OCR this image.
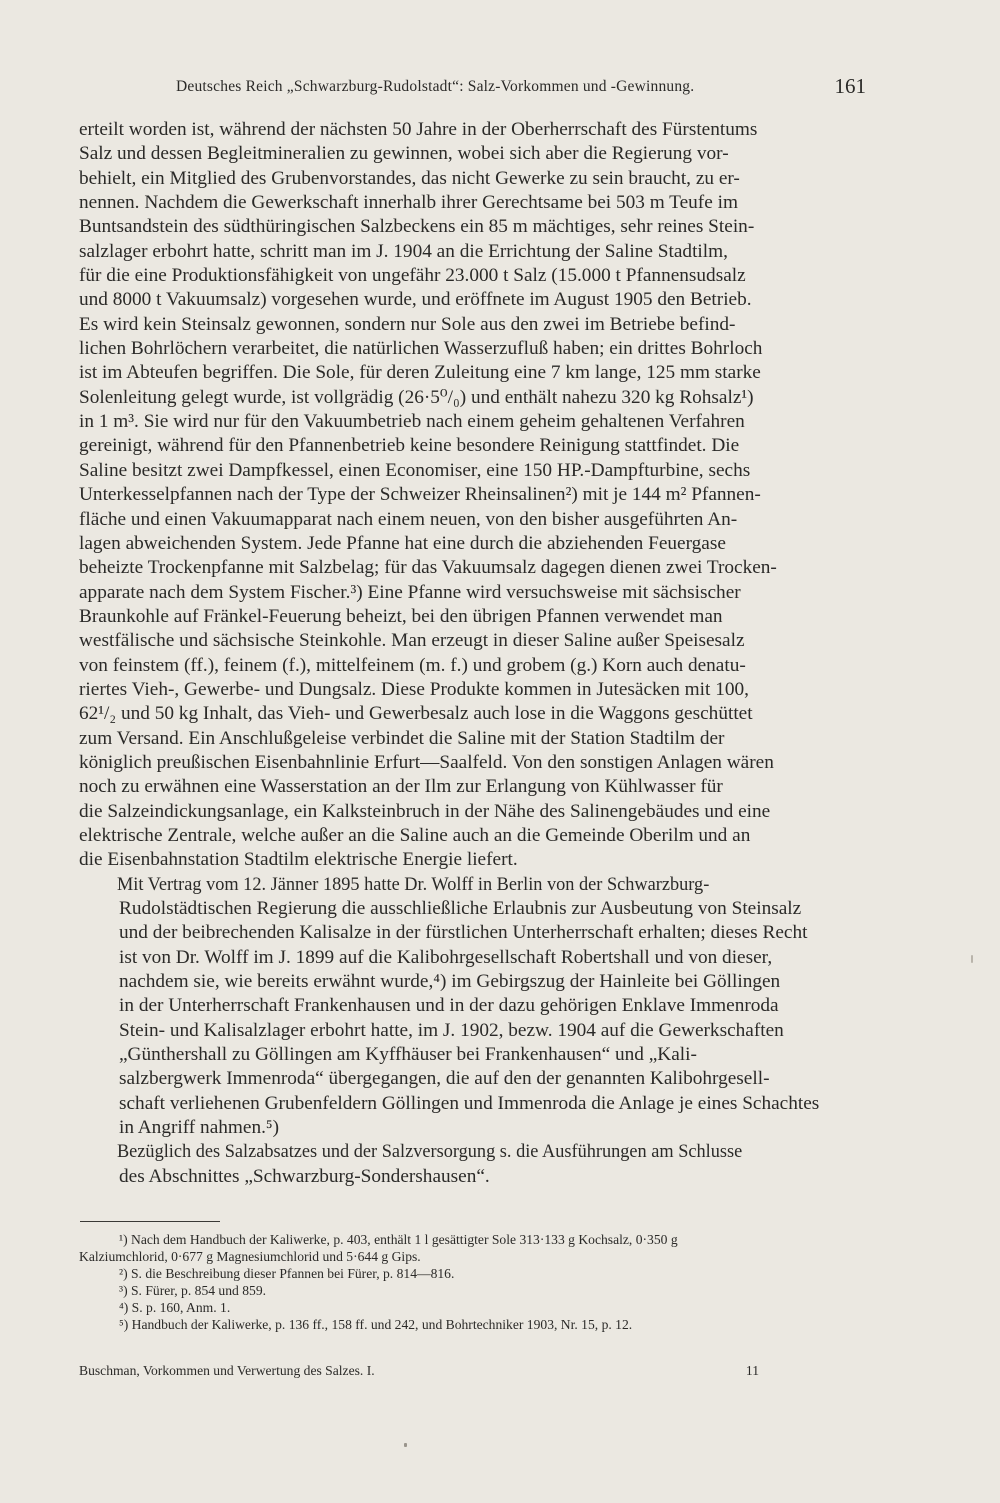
Deutsches Reich „Schwarzburg-Rudolstadt“: Salz-Vorkommen und -Gewinnung.	161
erteilt worden ist, während der nächsten 50 Jahre in der Oberherrschaft des Fürstentums
Salz und dessen Begleitmineralien zu gewinnen, wobei sich aber die Regierung vor-
behielt, ein Mitglied des Grubenvorstandes, das nicht Gewerke zu sein braucht, zu er-
nennen. Nachdem die Gewerkschaft innerhalb ihrer Gerechtsame bei 503 m Teufe im
Buntsandstein des südthüringischen Salzbeckens ein 85 m mächtiges, sehr reines Stein-
salzlager erbohrt hatte, schritt man im J. 1904 an die Errichtung der Saline Stadtilm,
für die eine Produktionsfähigkeit von ungefähr 23.000 t Salz (15.000 t Pfannensudsalz
und 8000 t Vakuumsalz) vorgesehen wurde, und eröffnete im August 1905 den Betrieb.
Es wird kein Steinsalz gewonnen, sondern nur Sole aus den zwei im Betriebe befind-
lichen Bohrlöchern verarbeitet, die natürlichen Wasserzufluß haben; ein drittes Bohrloch
ist im Abteufen begriffen. Die Sole, für deren Zuleitung eine 7 km lange, 125 mm starke
Solenleitung gelegt wurde, ist vollgrädig (26·5⁰/₀) und enthält nahezu 320 kg Rohsalz¹)
in 1 m³. Sie wird nur für den Vakuumbetrieb nach einem geheim gehaltenen Verfahren
gereinigt, während für den Pfannenbetrieb keine besondere Reinigung stattfindet. Die
Saline besitzt zwei Dampfkessel, einen Economiser, eine 150 HP.-Dampfturbine, sechs
Unterkesselpfannen nach der Type der Schweizer Rheinsalinen²) mit je 144 m² Pfannen-
fläche und einen Vakuumapparat nach einem neuen, von den bisher ausgeführten An-
lagen abweichenden System. Jede Pfanne hat eine durch die abziehenden Feuergase
beheizte Trockenpfanne mit Salzbelag; für das Vakuumsalz dagegen dienen zwei Trocken-
apparate nach dem System Fischer.³) Eine Pfanne wird versuchsweise mit sächsischer
Braunkohle auf Fränkel-Feuerung beheizt, bei den übrigen Pfannen verwendet man
westfälische und sächsische Steinkohle. Man erzeugt in dieser Saline außer Speisesalz
von feinstem (ff.), feinem (f.), mittelfeinem (m. f.) und grobem (g.) Korn auch denatu-
riertes Vieh-, Gewerbe- und Dungsalz. Diese Produkte kommen in Jutesäcken mit 100,
62¹/₂ und 50 kg Inhalt, das Vieh- und Gewerbesalz auch lose in die Waggons geschüttet
zum Versand. Ein Anschlußgeleise verbindet die Saline mit der Station Stadtilm der
königlich preußischen Eisenbahnlinie Erfurt—Saalfeld. Von den sonstigen Anlagen wären
noch zu erwähnen eine Wasserstation an der Ilm zur Erlangung von Kühlwasser für
die Salzeindickungsanlage, ein Kalksteinbruch in der Nähe des Salinengebäudes und eine
elektrische Zentrale, welche außer an die Saline auch an die Gemeinde Oberilm und an
die Eisenbahnstation Stadtilm elektrische Energie liefert.
Mit Vertrag vom 12. Jänner 1895 hatte Dr. Wolff in Berlin von der Schwarzburg-
Rudolstädtischen Regierung die ausschließliche Erlaubnis zur Ausbeutung von Steinsalz
und der beibrechenden Kalisalze in der fürstlichen Unterherrschaft erhalten; dieses Recht
ist von Dr. Wolff im J. 1899 auf die Kalibohrgesellschaft Robertshall und von dieser,
nachdem sie, wie bereits erwähnt wurde,⁴) im Gebirgszug der Hainleite bei Göllingen
in der Unterherrschaft Frankenhausen und in der dazu gehörigen Enklave Immenroda
Stein- und Kalisalzlager erbohrt hatte, im J. 1902, bezw. 1904 auf die Gewerkschaften
„Günthershall zu Göllingen am Kyffhäuser bei Frankenhausen“ und „Kali-
salzbergwerk Immenroda“ übergegangen, die auf den der genannten Kalibohrgesell-
schaft verliehenen Grubenfeldern Göllingen und Immenroda die Anlage je eines Schachtes
in Angriff nahmen.⁵)
Bezüglich des Salzabsatzes und der Salzversorgung s. die Ausführungen am Schlusse
des Abschnittes „Schwarzburg-Sondershausen“.
¹) Nach dem Handbuch der Kaliwerke, p. 403, enthält 1 l gesättigter Sole 313·133 g Kochsalz, 0·350 g
Kalziumchlorid, 0·677 g Magnesiumchlorid und 5·644 g Gips.
²) S. die Beschreibung dieser Pfannen bei Fürer, p. 814—816.
³) S. Fürer, p. 854 und 859.
⁴) S. p. 160, Anm. 1.
⁵) Handbuch der Kaliwerke, p. 136 ff., 158 ff. und 242, und Bohrtechniker 1903, Nr. 15, p. 12.
Buschman, Vorkommen und Verwertung des Salzes. I.	11
